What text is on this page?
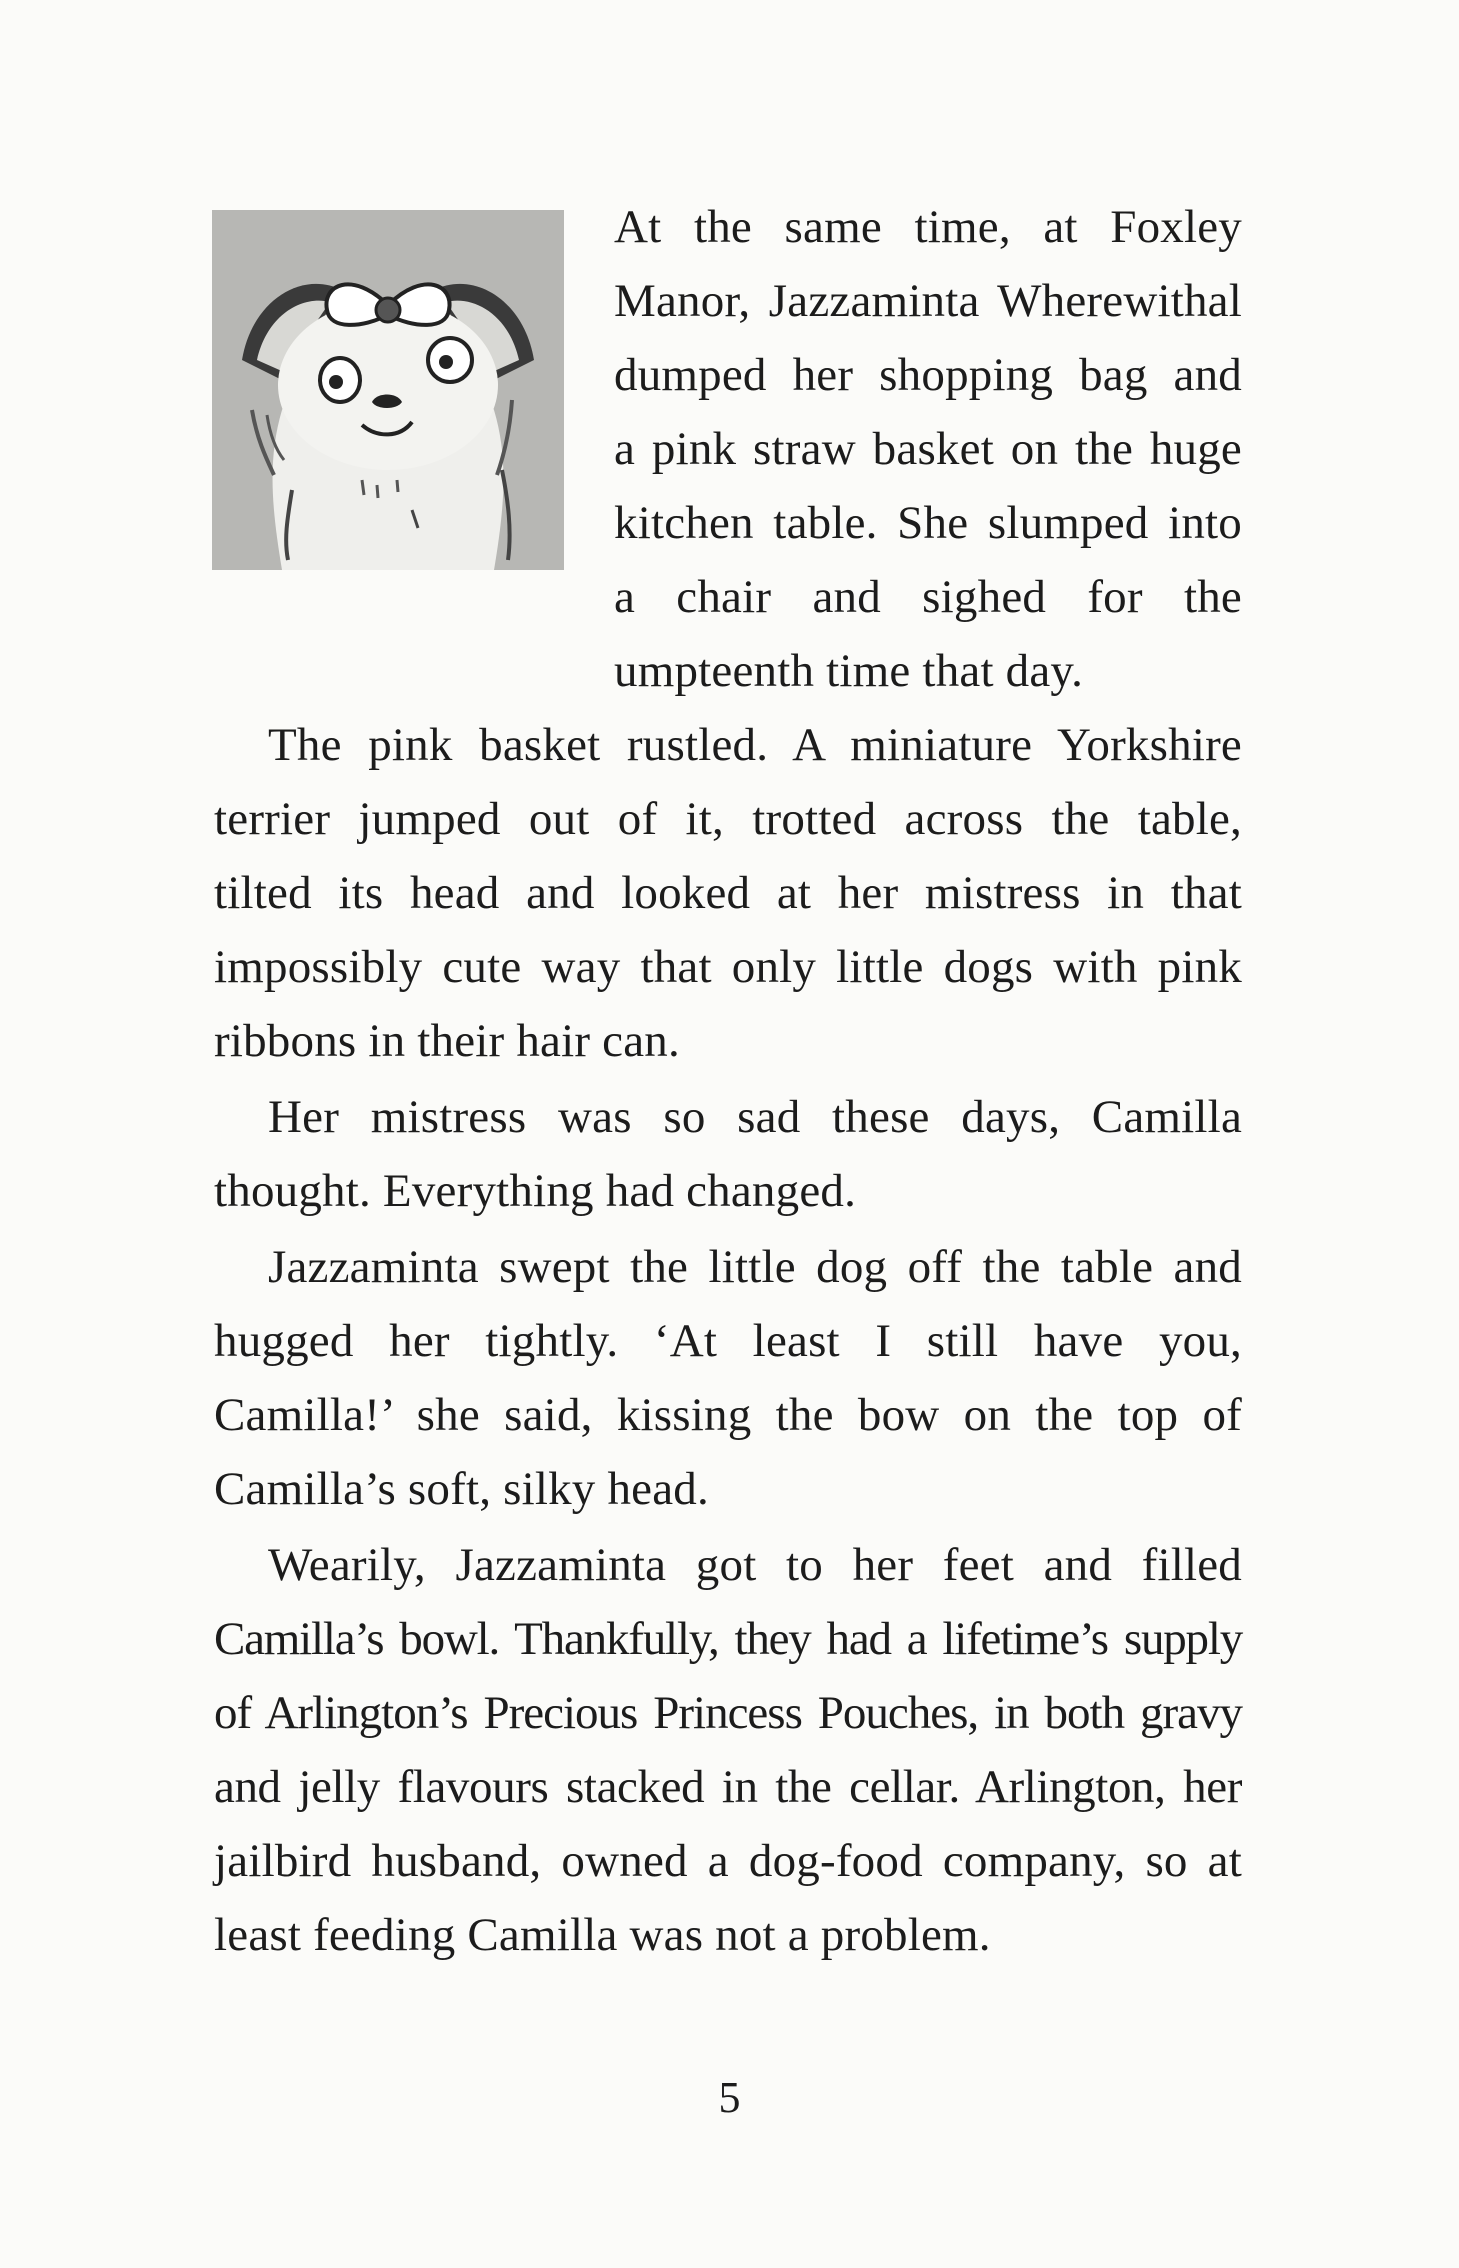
At the same time, at Foxley
Manor, Jazzaminta Wherewithal
dumped her shopping bag and
a pink straw basket on the huge
kitchen table. She slumped into
a chair and sighed for the
umpteenth time that day.
The pink basket rustled. A miniature Yorkshire
terrier jumped out of it, trotted across the table,
tilted its head and looked at her mistress in that
impossibly cute way that only little dogs with pink
ribbons in their hair can.
Her mistress was so sad these days, Camilla
thought. Everything had changed.
Jazzaminta swept the little dog off the table and
hugged her tightly. ‘At least I still have you,
Camilla!’ she said, kissing the bow on the top of
Camilla’s soft, silky head.
Wearily, Jazzaminta got to her feet and filled
Camilla’s bowl. Thankfully, they had a lifetime’s supply
of Arlington’s Precious Princess Pouches, in both gravy
and jelly flavours stacked in the cellar. Arlington, her
jailbird husband, owned a dog-food company, so at
least feeding Camilla was not a problem.
5
